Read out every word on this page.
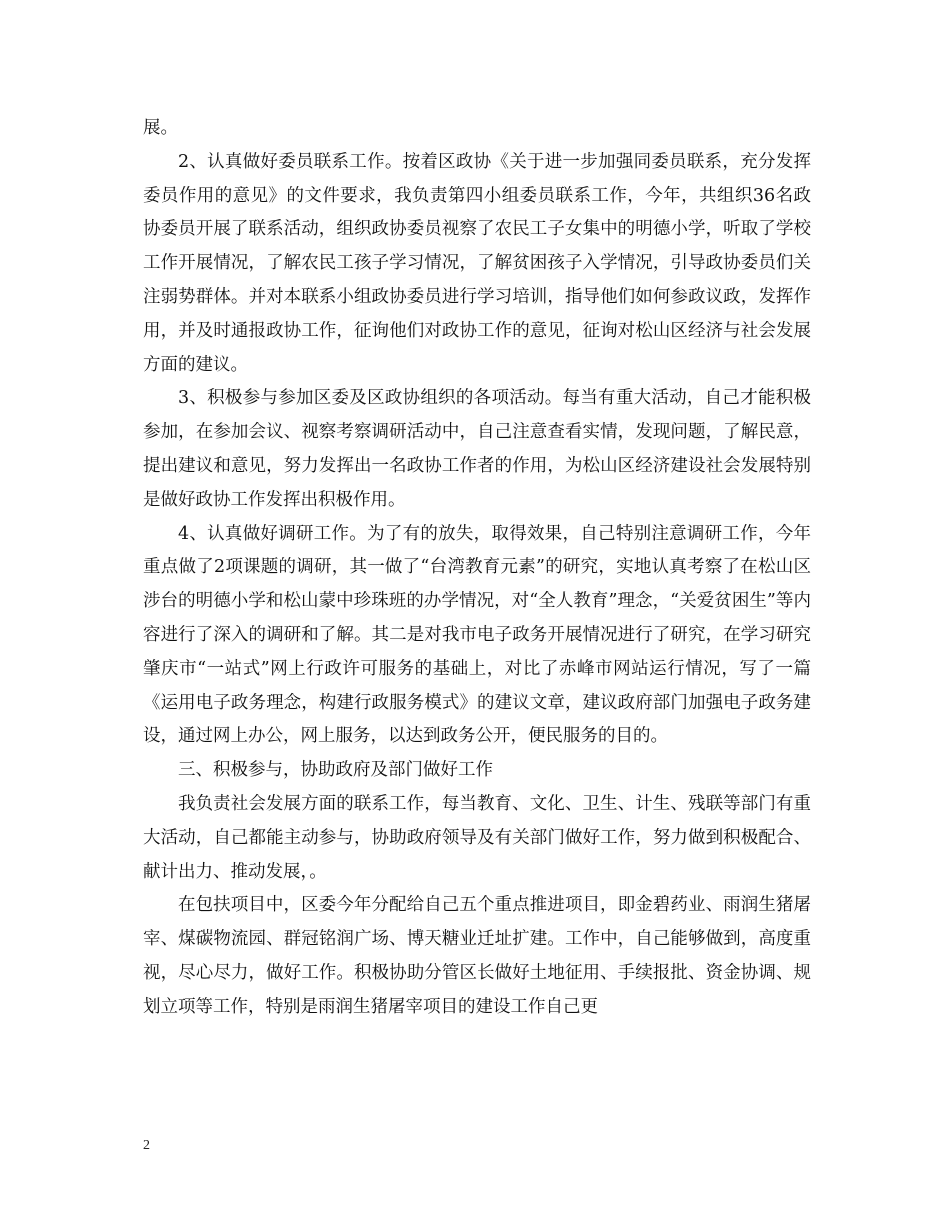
展。

2、认真做好委员联系工作。按着区政协《关于进一步加强同委员联系，充分发挥委员作用的意见》的文件要求，我负责第四小组委员联系工作，今年，共组织36名政协委员开展了联系活动，组织政协委员视察了农民工子女集中的明德小学，听取了学校工作开展情况，了解农民工孩子学习情况，了解贫困孩子入学情况，引导政协委员们关注弱势群体。并对本联系小组政协委员进行学习培训，指导他们如何参政议政，发挥作用，并及时通报政协工作，征询他们对政协工作的意见，征询对松山区经济与社会发展方面的建议。

3、积极参与参加区委及区政协组织的各项活动。每当有重大活动，自己才能积极参加，在参加会议、视察考察调研活动中，自己注意查看实情，发现问题，了解民意，提出建议和意见，努力发挥出一名政协工作者的作用，为松山区经济建设社会发展特别是做好政协工作发挥出积极作用。

4、认真做好调研工作。为了有的放失，取得效果，自己特别注意调研工作，今年重点做了2项课题的调研，其一做了“台湾教育元素”的研究，实地认真考察了在松山区涉台的明德小学和松山蒙中珍珠班的办学情况，对“全人教育”理念，“关爱贫困生”等内容进行了深入的调研和了解。其二是对我市电子政务开展情况进行了研究，在学习研究肇庆市“一站式”网上行政许可服务的基础上，对比了赤峰市网站运行情况，写了一篇《运用电子政务理念，构建行政服务模式》的建议文章，建议政府部门加强电子政务建设，通过网上办公，网上服务，以达到政务公开，便民服务的目的。

三、积极参与，协助政府及部门做好工作

我负责社会发展方面的联系工作，每当教育、文化、卫生、计生、残联等部门有重大活动，自己都能主动参与，协助政府领导及有关部门做好工作，努力做到积极配合、献计出力、推动发展，。

在包扶项目中，区委今年分配给自己五个重点推进项目，即金碧药业、雨润生猪屠宰、煤碳物流园、群冠铭润广场、博天糖业迁址扩建。工作中，自己能够做到，高度重视，尽心尽力，做好工作。积极协助分管区长做好土地征用、手续报批、资金协调、规划立项等工作，特别是雨润生猪屠宰项目的建设工作自己更

2
